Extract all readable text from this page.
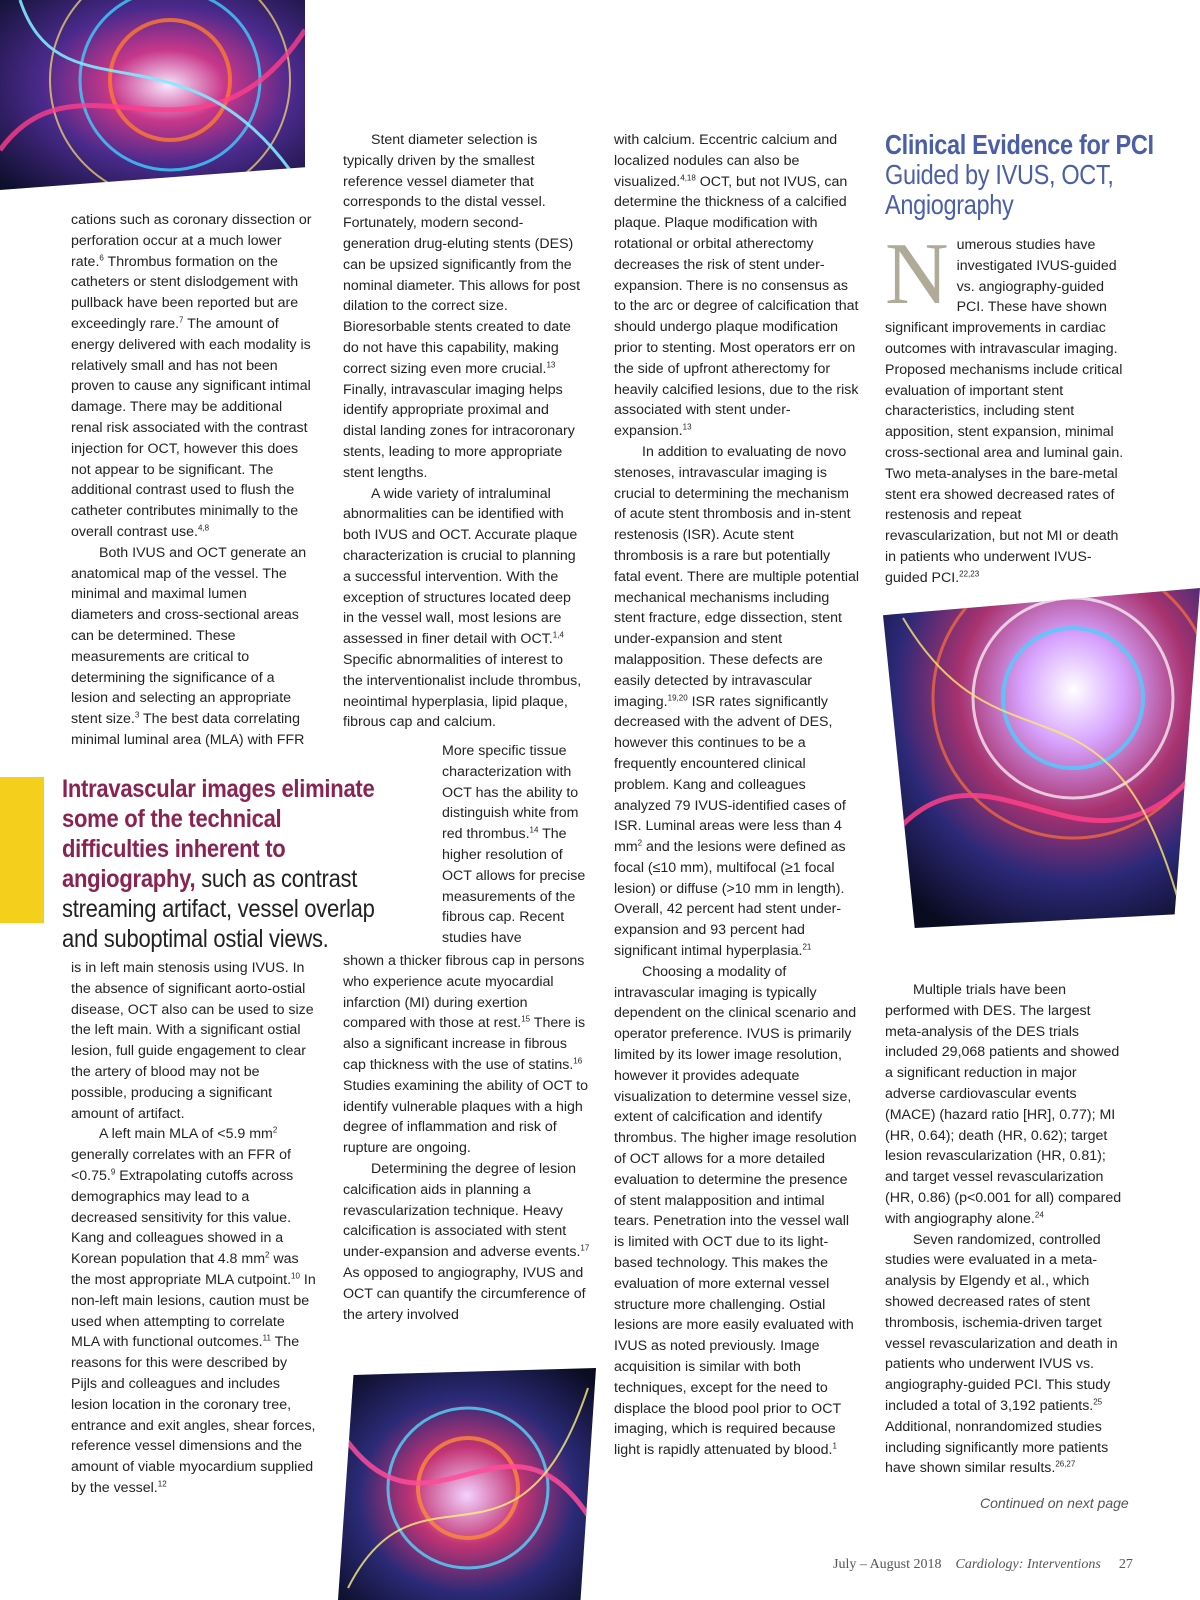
cations such as coronary dissection or perforation occur at a much lower rate.$^6$ Thrombus formation on the catheters or stent dislodgement with pullback have been reported but are exceedingly rare.$^7$ The amount of energy delivered with each modality is relatively small and has not been proven to cause any significant intimal damage. There may be additional renal risk associated with the contrast injection for OCT, however this does not appear to be significant. The additional contrast used to flush the catheter contributes minimally to the overall contrast use.$^{4,8}$

Both IVUS and OCT generate an anatomical map of the vessel. The minimal and maximal lumen diameters and cross-sectional areas can be determined. These measurements are critical to determining the significance of a lesion and selecting an appropriate stent size.$^3$ The best data correlating minimal luminal area (MLA) with FFR

Intravascular images eliminate some of the technical difficulties inherent to angiography, such as contrast streaming artifact, vessel overlap and suboptimal ostial views.

is in left main stenosis using IVUS. In the absence of significant aorto-ostial disease, OCT also can be used to size the left main. With a significant ostial lesion, full guide engagement to clear the artery of blood may not be possible, producing a significant amount of artifact.

A left main MLA of <5.9 $mm^2$ generally correlates with an FFR of <0.75.$^9$ Extrapolating cutoffs across demographics may lead to a decreased sensitivity for this value. Kang and colleagues showed in a Korean population that 4.8 $mm^2$ was the most appropriate MLA cutpoint.$^{10}$ In non-left main lesions, caution must be used when attempting to correlate MLA with functional outcomes.$^{11}$ The reasons for this were described by Pijls and colleagues and includes lesion location in the coronary tree, entrance and exit angles, shear forces, reference vessel dimensions and the amount of viable myocardium supplied by the vessel.$^{12}$

Stent diameter selection is typically driven by the smallest reference vessel diameter that corresponds to the distal vessel. Fortunately, modern second-generation drug-eluting stents (DES) can be upsized significantly from the nominal diameter. This allows for post dilation to the correct size. Bioresorbable stents created to date do not have this capability, making correct sizing even more crucial.$^{13}$ Finally, intravascular imaging helps identify appropriate proximal and distal landing zones for intracoronary stents, leading to more appropriate stent lengths.

A wide variety of intraluminal abnormalities can be identified with both IVUS and OCT. Accurate plaque characterization is crucial to planning a successful intervention. With the exception of structures located deep in the vessel wall, most lesions are assessed in finer detail with OCT.$^{1,4}$ Specific abnormalities of interest to the interventionalist include thrombus, neointimal hyperplasia, lipid plaque, fibrous cap and calcium.

More specific tissue characterization with OCT has the ability to distinguish white from red thrombus.$^{14}$ The higher resolution of OCT allows for precise measurements of the fibrous cap. Recent studies have

shown a thicker fibrous cap in persons who experience acute myocardial infarction (MI) during exertion compared with those at rest.$^{15}$ There is also a significant increase in fibrous cap thickness with the use of statins.$^{16}$ Studies examining the ability of OCT to identify vulnerable plaques with a high degree of inflammation and risk of rupture are ongoing.

Determining the degree of lesion calcification aids in planning a revascularization technique. Heavy calcification is associated with stent under-expansion and adverse events.$^{17}$ As opposed to angiography, IVUS and OCT can quantify the circumference of the artery involved

with calcium. Eccentric calcium and localized nodules can also be visualized.$^{4,18}$ OCT, but not IVUS, can determine the thickness of a calcified plaque. Plaque modification with rotational or orbital atherectomy decreases the risk of stent under-expansion. There is no consensus as to the arc or degree of calcification that should undergo plaque modification prior to stenting. Most operators err on the side of upfront atherectomy for heavily calcified lesions, due to the risk associated with stent under-expansion.$^{13}$

In addition to evaluating de novo stenoses, intravascular imaging is crucial to determining the mechanism of acute stent thrombosis and in-stent restenosis (ISR). Acute stent thrombosis is a rare but potentially fatal event. There are multiple potential mechanical mechanisms including stent fracture, edge dissection, stent under-expansion and stent malapposition. These defects are easily detected by intravascular imaging.$^{19,20}$ ISR rates significantly decreased with the advent of DES, however this continues to be a frequently encountered clinical problem. Kang and colleagues analyzed 79 IVUS-identified cases of ISR. Luminal areas were less than 4 $mm^2$ and the lesions were defined as focal (≤10 mm), multifocal (≥1 focal lesion) or diffuse (>10 mm in length). Overall, 42 percent had stent under-expansion and 93 percent had significant intimal hyperplasia.$^{21}$

Choosing a modality of intravascular imaging is typically dependent on the clinical scenario and operator preference. IVUS is primarily limited by its lower image resolution, however it provides adequate visualization to determine vessel size, extent of calcification and identify thrombus. The higher image resolution of OCT allows for a more detailed evaluation to determine the presence of stent malapposition and intimal tears. Penetration into the vessel wall is limited with OCT due to its light-based technology. This makes the evaluation of more external vessel structure more challenging. Ostial lesions are more easily evaluated with IVUS as noted previously. Image acquisition is similar with both techniques, except for the need to displace the blood pool prior to OCT imaging, which is required because light is rapidly attenuated by blood.$^1$

Clinical Evidence for PCI Guided by IVUS, OCT, Angiography

Numerous studies have investigated IVUS-guided vs. angiography-guided PCI. These have shown significant improvements in cardiac outcomes with intravascular imaging. Proposed mechanisms include critical evaluation of important stent characteristics, including stent apposition, stent expansion, minimal cross-sectional area and luminal gain. Two meta-analyses in the bare-metal stent era showed decreased rates of restenosis and repeat revascularization, but not MI or death in patients who underwent IVUS-guided PCI.$^{22,23}$

Multiple trials have been performed with DES. The largest meta-analysis of the DES trials included 29,068 patients and showed a significant reduction in major adverse cardiovascular events (MACE) (hazard ratio [HR], 0.77); MI (HR, 0.64); death (HR, 0.62); target lesion revascularization (HR, 0.81); and target vessel revascularization (HR, 0.86) (p<0.001 for all) compared with angiography alone.$^{24}$

Seven randomized, controlled studies were evaluated in a meta-analysis by Elgendy et al., which showed decreased rates of stent thrombosis, ischemia-driven target vessel revascularization and death in patients who underwent IVUS vs. angiography-guided PCI. This study included a total of 3,192 patients.$^{25}$ Additional, nonrandomized studies including significantly more patients have shown similar results.$^{26,27}$

Continued on next page
July – August 2018 Cardiology: Interventions 27
